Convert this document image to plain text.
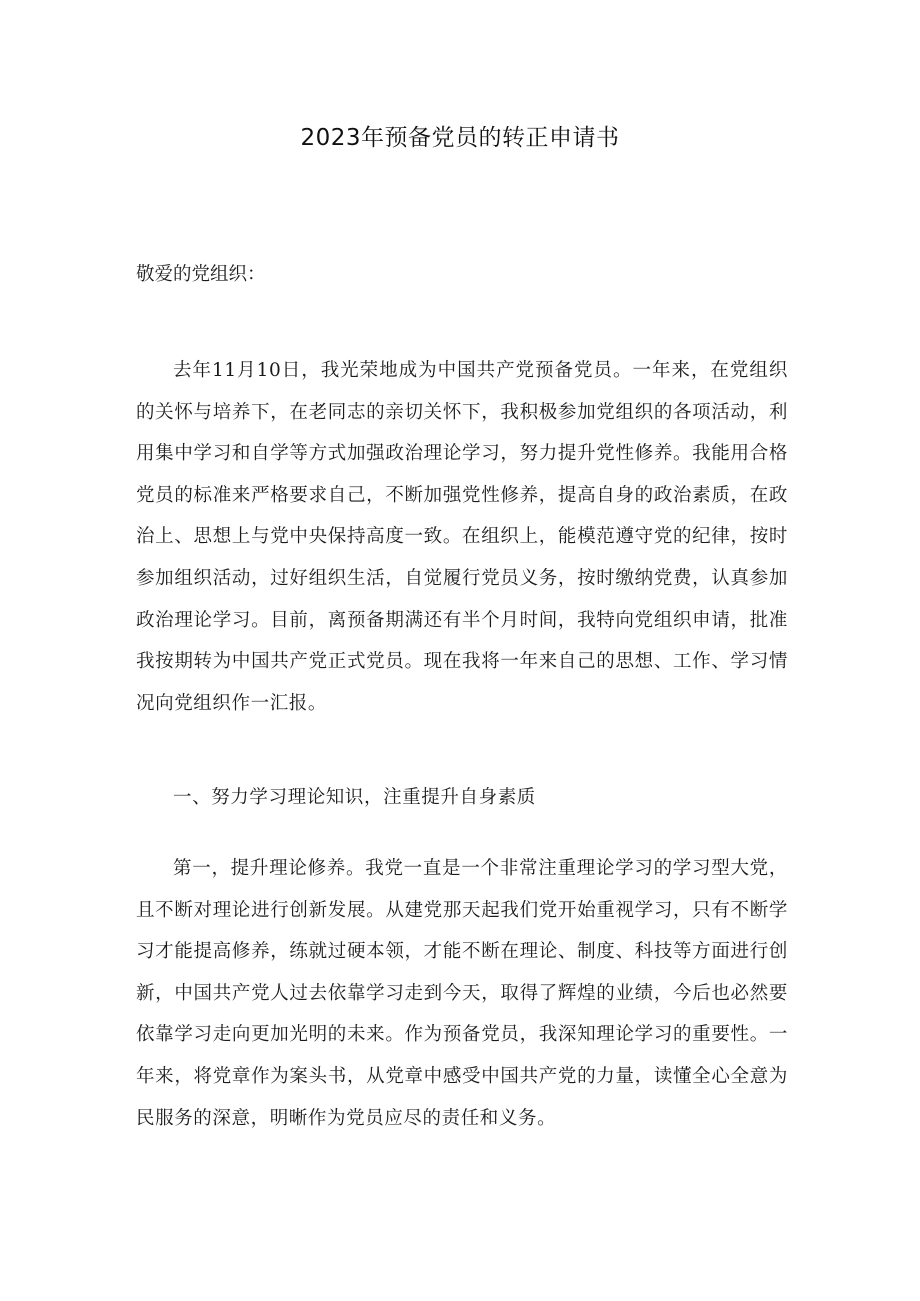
2023年预备党员的转正申请书
敬爱的党组织：
去年11月10日，我光荣地成为中国共产党预备党员。一年来，在党组织的关怀与培养下，在老同志的亲切关怀下，我积极参加党组织的各项活动，利用集中学习和自学等方式加强政治理论学习，努力提升党性修养。我能用合格党员的标准来严格要求自己，不断加强党性修养，提高自身的政治素质，在政治上、思想上与党中央保持高度一致。在组织上，能模范遵守党的纪律，按时参加组织活动，过好组织生活，自觉履行党员义务，按时缴纳党费，认真参加政治理论学习。目前，离预备期满还有半个月时间，我特向党组织申请，批准我按期转为中国共产党正式党员。现在我将一年来自己的思想、工作、学习情况向党组织作一汇报。
一、努力学习理论知识，注重提升自身素质
第一，提升理论修养。我党一直是一个非常注重理论学习的学习型大党，且不断对理论进行创新发展。从建党那天起我们党开始重视学习，只有不断学习才能提高修养，练就过硬本领，才能不断在理论、制度、科技等方面进行创新，中国共产党人过去依靠学习走到今天，取得了辉煌的业绩，今后也必然要依靠学习走向更加光明的未来。作为预备党员，我深知理论学习的重要性。一年来，将党章作为案头书，从党章中感受中国共产党的力量，读懂全心全意为民服务的深意，明晰作为党员应尽的责任和义务。
